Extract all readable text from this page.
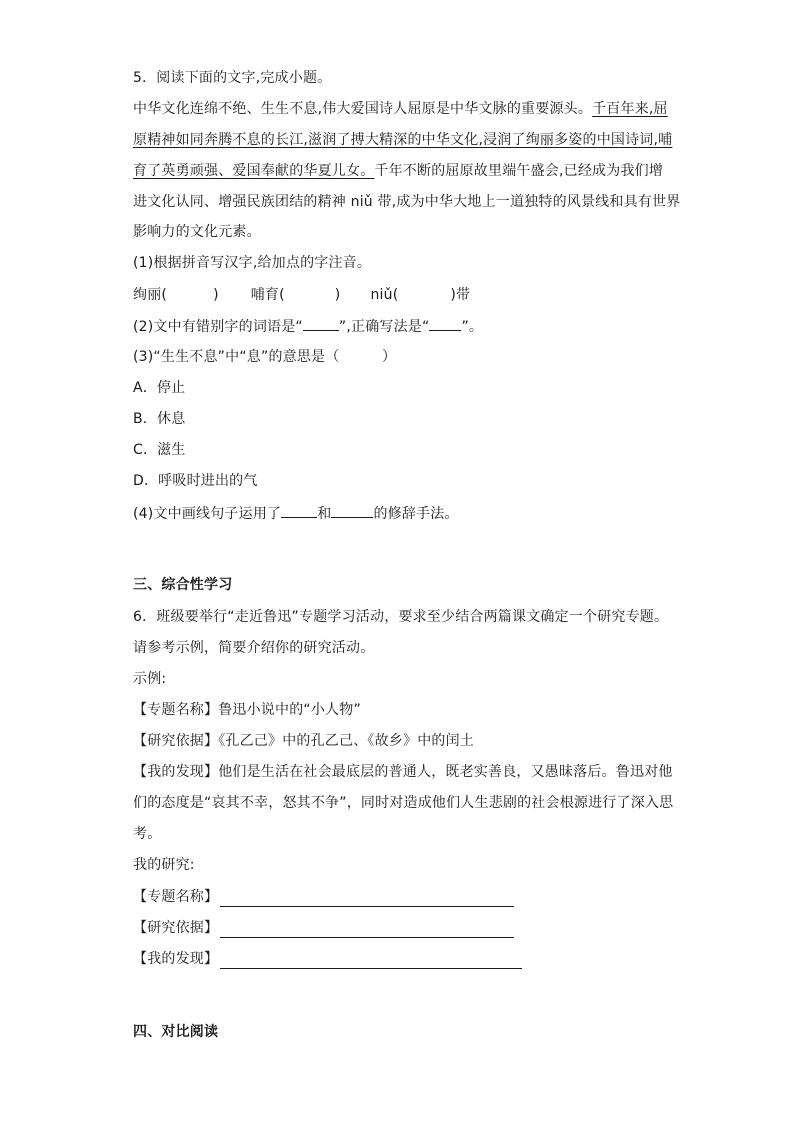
5．阅读下面的文字,完成小题。
中华文化连绵不绝、生生不息,伟大爱国诗人屈原是中华文脉的重要源头。千百年来,屈
原精神如同奔腾不息的长江,滋润了搏大精深的中华文化,浸润了绚丽多姿的中国诗词,哺
育了英勇顽强、爱国奉献的华夏儿女。千年不断的屈原故里端午盛会,已经成为我们增
进文化认同、增强民族团结的精神 niǔ 带,成为中华大地上一道独特的风景线和具有世界
影响力的文化元素。
(1)根据拼音写汉字,给加点的字注音。
绚丽(	) 哺育(	) niǔ(	)带
(2)文中有错别字的词语是“	”,正确写法是“ ”。
(3)“生生不息”中“息”的意思是（　　　）
A．停止
B．休息
C．滋生
D．呼吸时进出的气
(4)文中画线句子运用了	和	的修辞手法。
三、综合性学习
6．班级要举行“走近鲁迅”专题学习活动，要求至少结合两篇课文确定一个研究专题。
请参考示例，简要介绍你的研究活动。
示例:
【专题名称】鲁迅小说中的“小人物”
【研究依据】《孔乙己》中的孔乙己、《故乡》中的闰土
【我的发现】他们是生活在社会最底层的普通人，既老实善良，又愚昧落后。鲁迅对他
们的态度是“哀其不幸，怒其不争”，同时对造成他们人生悲剧的社会根源进行了深入思
考。
我的研究:
【专题名称】
【研究依据】
【我的发现】
四、对比阅读
